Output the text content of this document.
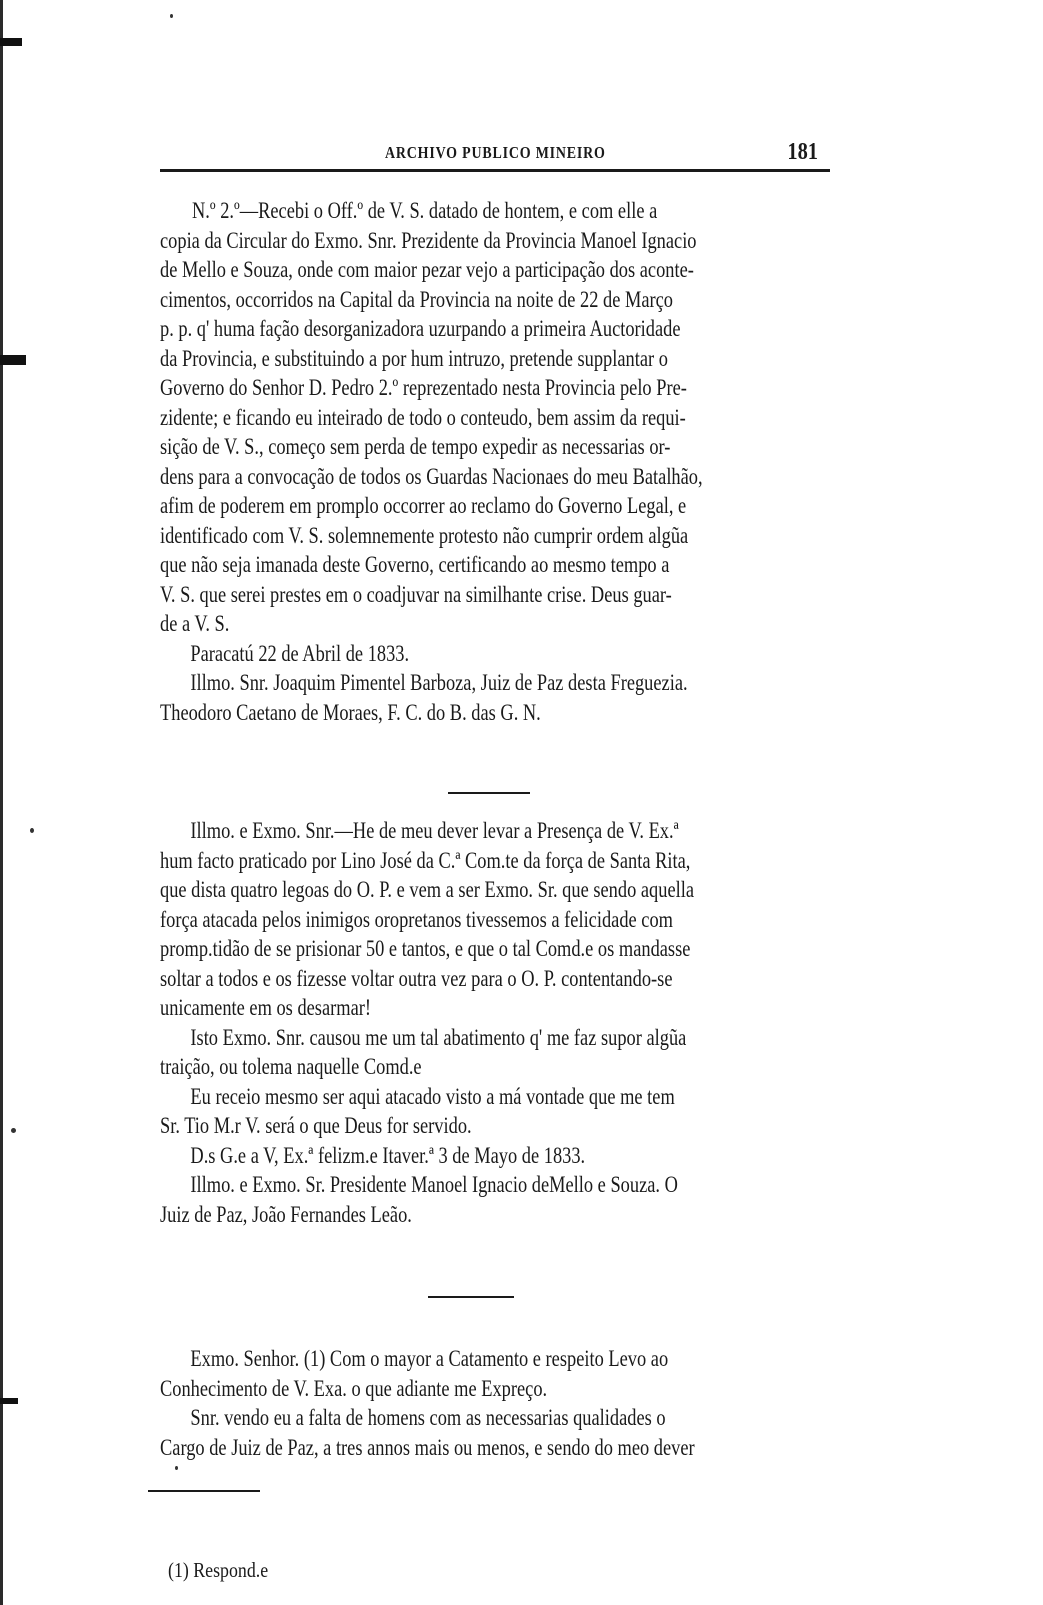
ARCHIVO PUBLICO MINEIRO	181
N.º 2.º—Recebi o Off.º de V. S. datado de hontem, e com elle a
copia da Circular do Exmo. Snr. Prezidente da Provincia Manoel Ignacio
de Mello e Souza, onde com maior pezar vejo a participação dos aconte-
cimentos, occorridos na Capital da Provincia na noite de 22 de Março
p. p. q' huma fação desorganizadora uzurpando a primeira Auctoridade
da Provincia, e substituindo a por hum intruzo, pretende supplantar o
Governo do Senhor D. Pedro 2.º reprezentado nesta Provincia pelo Pre-
zidente; e ficando eu inteirado de todo o conteudo, bem assim da requi-
sição de V. S., começo sem perda de tempo expedir as necessarias or-
dens para a convocação de todos os Guardas Nacionaes do meu Batalhão,
afim de poderem em promplo occorrer ao reclamo do Governo Legal, e
identificado com V. S. solemnemente protesto não cumprir ordem algũa
que não seja imanada deste Governo, certificando ao mesmo tempo a
V. S. que serei prestes em o coadjuvar na similhante crise. Deus guar-
de a V. S.
Paracatú 22 de Abril de 1833.
Illmo. Snr. Joaquim Pimentel Barboza, Juiz de Paz desta Freguezia.
Theodoro Caetano de Moraes, F. C. do B. das G. N.
Illmo. e Exmo. Snr.—He de meu dever levar a Presença de V. Ex.ª
hum facto praticado por Lino José da C.ª Com.te da força de Santa Rita,
que dista quatro legoas do O. P. e vem a ser Exmo. Sr. que sendo aquella
força atacada pelos inimigos oropretanos tivessemos a felicidade com
promp.tidão de se prisionar 50 e tantos, e que o tal Comd.e os mandasse
soltar a todos e os fizesse voltar outra vez para o O. P. contentando-se
unicamente em os desarmar!
Isto Exmo. Snr. causou me um tal abatimento q' me faz supor algũa
traição, ou tolema naquelle Comd.e
Eu receio mesmo ser aqui atacado visto a má vontade que me tem
Sr. Tio M.r V. será o que Deus for servido.
D.s G.e a V, Ex.ª felizm.e Itaver.ª 3 de Mayo de 1833.
Illmo. e Exmo. Sr. Presidente Manoel Ignacio deMello e Souza. O
Juiz de Paz, João Fernandes Leão.
Exmo. Senhor. (1) Com o mayor a Catamento e respeito Levo ao
Conhecimento de V. Exa. o que adiante me Expreço.
Snr. vendo eu a falta de homens com as necessarias qualidades o
Cargo de Juiz de Paz, a tres annos mais ou menos, e sendo do meo dever
(1) Respond.e
